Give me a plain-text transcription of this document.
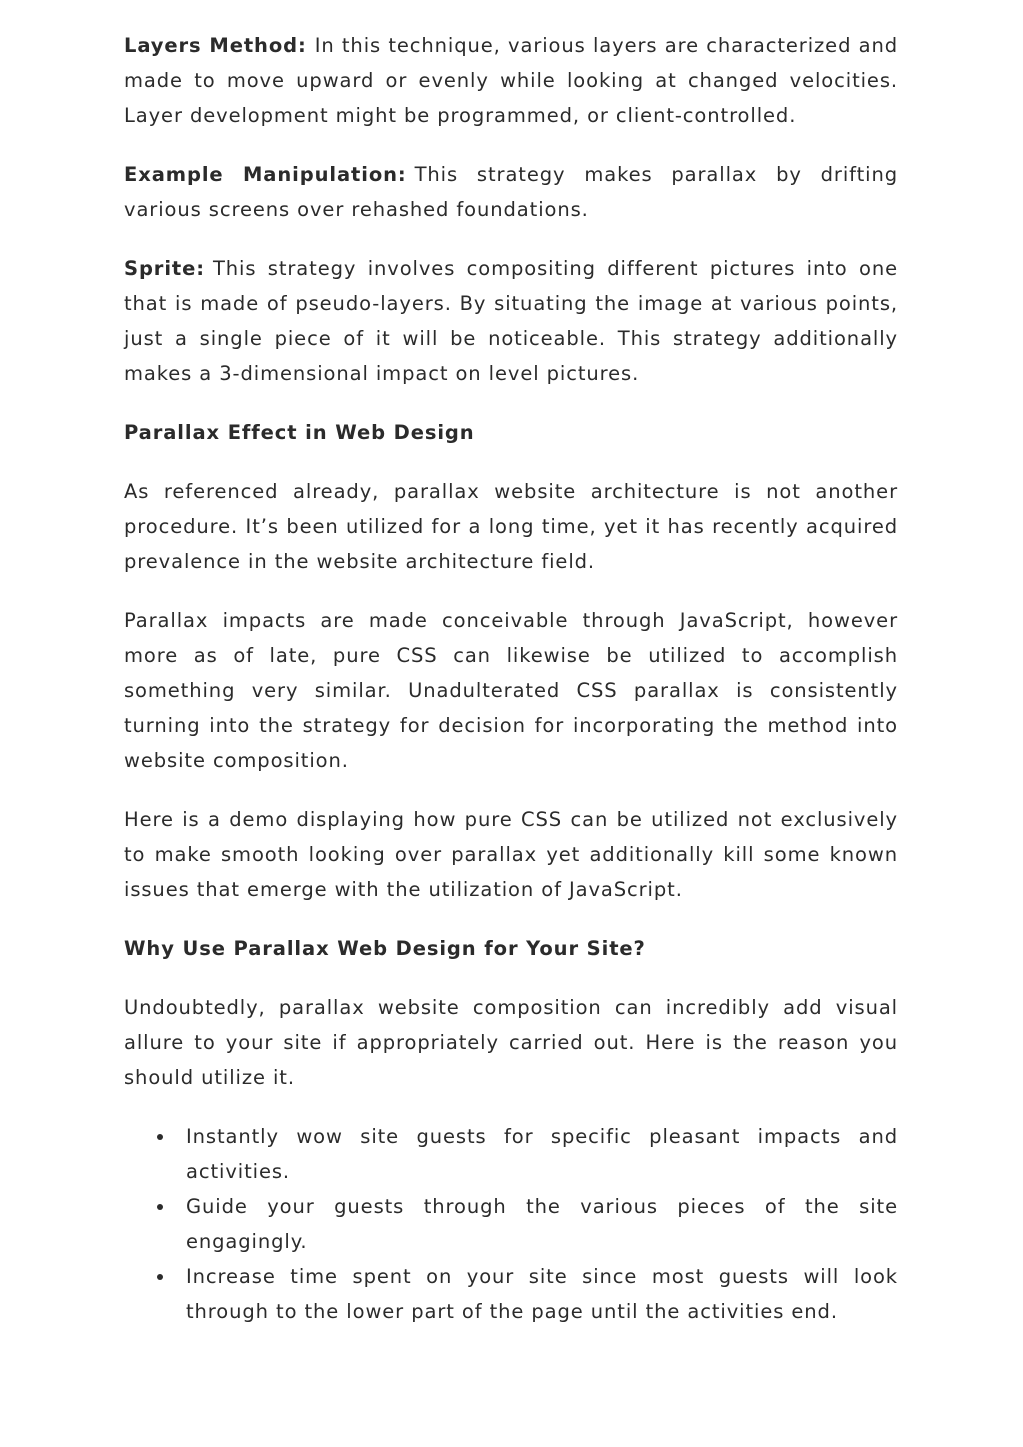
Layers Method: In this technique, various layers are characterized and made to move upward or evenly while looking at changed velocities. Layer development might be programmed, or client-controlled.

Example Manipulation: This strategy makes parallax by drifting various screens over rehashed foundations.

Sprite: This strategy involves compositing different pictures into one that is made of pseudo-layers. By situating the image at various points, just a single piece of it will be noticeable. This strategy additionally makes a 3-dimensional impact on level pictures.

Parallax Effect in Web Design

As referenced already, parallax website architecture is not another procedure. It’s been utilized for a long time, yet it has recently acquired prevalence in the website architecture field.

Parallax impacts are made conceivable through JavaScript, however more as of late, pure CSS can likewise be utilized to accomplish something very similar. Unadulterated CSS parallax is consistently turning into the strategy for decision for incorporating the method into website composition.

Here is a demo displaying how pure CSS can be utilized not exclusively to make smooth looking over parallax yet additionally kill some known issues that emerge with the utilization of JavaScript.

Why Use Parallax Web Design for Your Site?

Undoubtedly, parallax website composition can incredibly add visual allure to your site if appropriately carried out. Here is the reason you should utilize it.

Instantly wow site guests for specific pleasant impacts and activities.
Guide your guests through the various pieces of the site engagingly.
Increase time spent on your site since most guests will look through to the lower part of the page until the activities end.
